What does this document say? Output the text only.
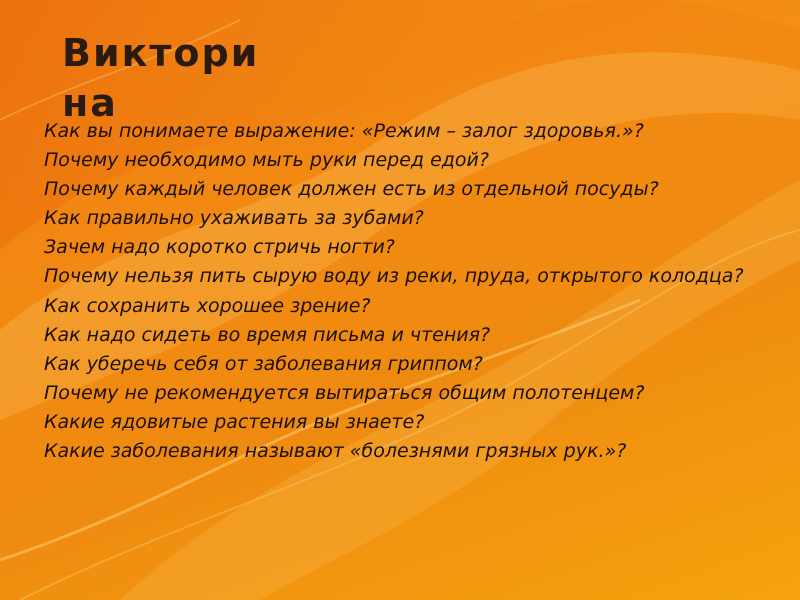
Викторина
Как вы понимаете выражение: «Режим – залог здоровья.»?
Почему необходимо мыть руки перед едой?
Почему каждый человек должен есть из отдельной посуды?
Как правильно ухаживать за зубами?
Зачем надо коротко стричь ногти?
Почему нельзя пить сырую воду из реки, пруда, открытого колодца?
Как сохранить хорошее зрение?
Как надо сидеть во время письма и чтения?
Как уберечь себя от заболевания гриппом?
Почему не рекомендуется вытираться общим полотенцем?
Какие ядовитые растения вы знаете?
Какие заболевания называют «болезнями грязных рук.»?
